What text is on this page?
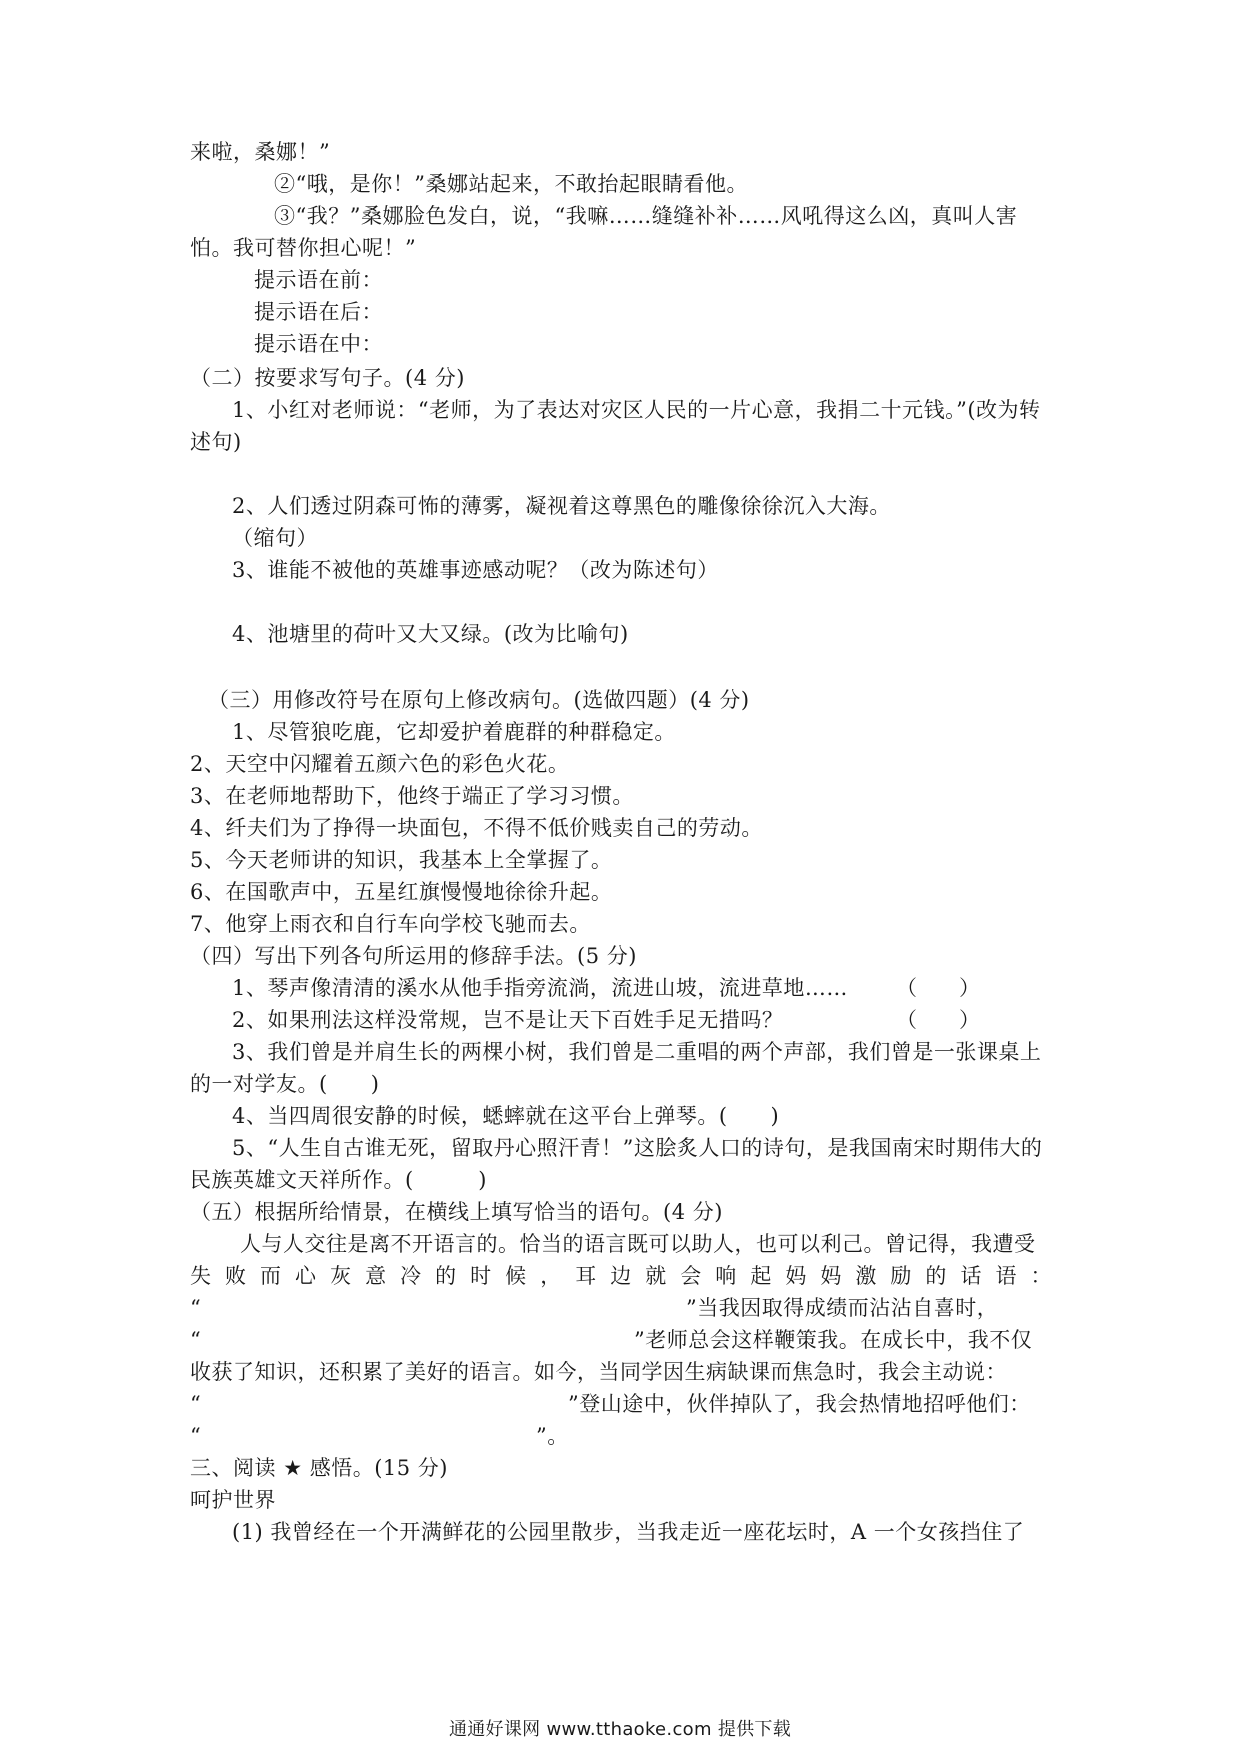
来啦，桑娜！”
②“哦，是你！”桑娜站起来，不敢抬起眼睛看他。
③“我？”桑娜脸色发白，说，“我嘛……缝缝补补……风吼得这么凶，真叫人害
怕。我可替你担心呢！”
提示语在前：
提示语在后：
提示语在中：
（二）按要求写句子。(4 分)
1、小红对老师说：“老师，为了表达对灾区人民的一片心意，我捐二十元钱。”(改为转
述句)
2、人们透过阴森可怖的薄雾，凝视着这尊黑色的雕像徐徐沉入大海。
（缩句）
3、谁能不被他的英雄事迹感动呢？（改为陈述句）
4、池塘里的荷叶又大又绿。(改为比喻句)
（三）用修改符号在原句上修改病句。(选做四题）(4 分)
1、尽管狼吃鹿，它却爱护着鹿群的种群稳定。
2、天空中闪耀着五颜六色的彩色火花。
3、在老师地帮助下，他终于端正了学习习惯。
4、纤夫们为了挣得一块面包，不得不低价贱卖自己的劳动。
5、今天老师讲的知识，我基本上全掌握了。
6、在国歌声中，五星红旗慢慢地徐徐升起。
7、他穿上雨衣和自行车向学校飞驰而去。
（四）写出下列各句所运用的修辞手法。(5 分)
1、琴声像清清的溪水从他手指旁流淌，流进山坡，流进草地…… （　　）
2、如果刑法这样没常规，岂不是让天下百姓手足无措吗？	（　　）
3、我们曾是并肩生长的两棵小树，我们曾是二重唱的两个声部，我们曾是一张课桌上
的一对学友。(　　)
4、当四周很安静的时候，蟋蟀就在这平台上弹琴。(　　)
5、“人生自古谁无死，留取丹心照汗青！”这脍炙人口的诗句，是我国南宋时期伟大的
民族英雄文天祥所作。(　　　)
（五）根据所给情景，在横线上填写恰当的语句。(4 分)
人与人交往是离不开语言的。恰当的语言既可以助人，也可以利己。曾记得，我遭受
失败而心灰意冷的时候，耳边就会响起妈妈激励的话语：
“	”当我因取得成绩而沾沾自喜时，
“	”老师总会这样鞭策我。在成长中，我不仅
收获了知识，还积累了美好的语言。如今，当同学因生病缺课而焦急时，我会主动说：
“	”登山途中，伙伴掉队了，我会热情地招呼他们：
“	”。
三、阅读 ★ 感悟。(15 分)
呵护世界
(1) 我曾经在一个开满鲜花的公园里散步，当我走近一座花坛时，A 一个女孩挡住了
通通好课网 www.tthaoke.com 提供下载
